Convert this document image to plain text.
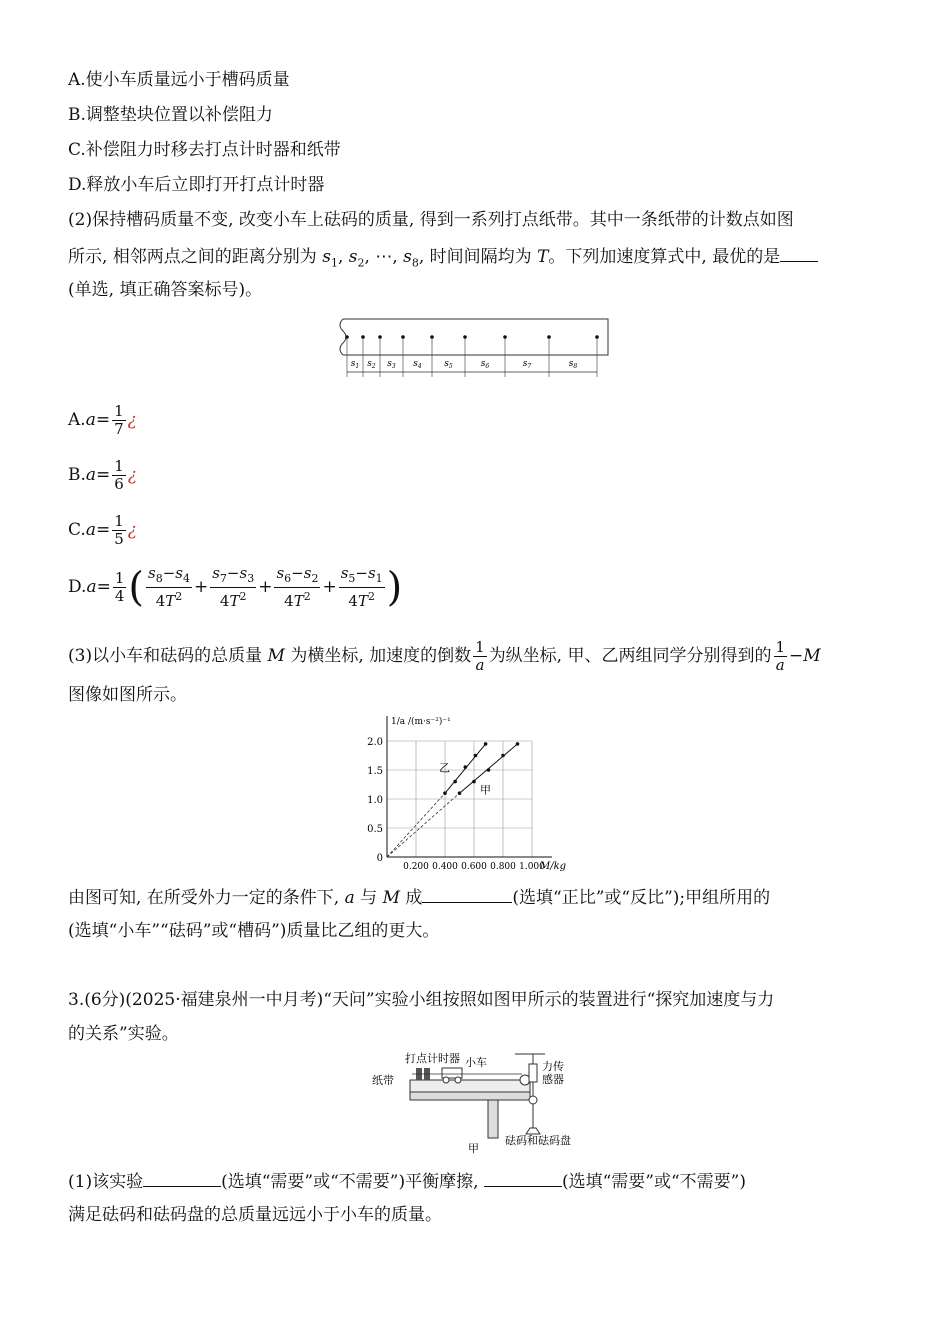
A.使小车质量远小于槽码质量
B.调整垫块位置以补偿阻力
C.补偿阻力时移去打点计时器和纸带
D.释放小车后立即打开打点计时器
(2)保持槽码质量不变, 改变小车上砝码的质量, 得到一系列打点纸带。其中一条纸带的计数点如图
所示, 相邻两点之间的距离分别为 $s_1$, $s_2$, ⋯, $s_8$, 时间间隔均为 T。下列加速度算式中, 最优的是
(单选, 填正确答案标号)。
$s_1$ $s_2$ $s_3$ $s_4$	$s_5$	$s_6$	$s_7$	$s_8$
$A.a= \frac{1}{7}$ ¿
$B.a= \frac{1}{6}$ ¿
$C.a= \frac{1}{5}$ ¿
$D.a= \frac{1}{4}$ ( $\frac{s_8-s_4}{4T^2} + \frac{s_7-s_3}{4T^2} + \frac{s_6-s_2}{4T^2} + \frac{s_5-s_1}{4T^2}$ )
(3)以小车和砝码的总质量 M 为横坐标, 加速度的倒数 $\frac{1}{a}$ 为纵坐标, 甲、乙两组同学分别得到的 $\frac{1}{a} -M$
图像如图所示。
0
0.5
1.0
1.5
2.0
0.200 0.400 0.600 0.800 1.000
M/kg
1/a /(m·s⁻²)⁻¹
乙
甲
由图可知, 在所受外力一定的条件下, a 与 M 成	(选填“正比”或“反比”);甲组所用的
(选填“小车”“砝码”或“槽码”)质量比乙组的更大。
3.(6分)(2025·福建泉州一中月考)“天问”实验小组按照如图甲所示的装置进行“探究加速度与力
的关系”实验。
打点计时器 小车
纸带
力传
感器
砝码和砝码盘
甲
(1)该实验	(选填“需要”或“不需要”)平衡摩擦,	(选填“需要”或“不需要”)
满足砝码和砝码盘的总质量远远小于小车的质量。
